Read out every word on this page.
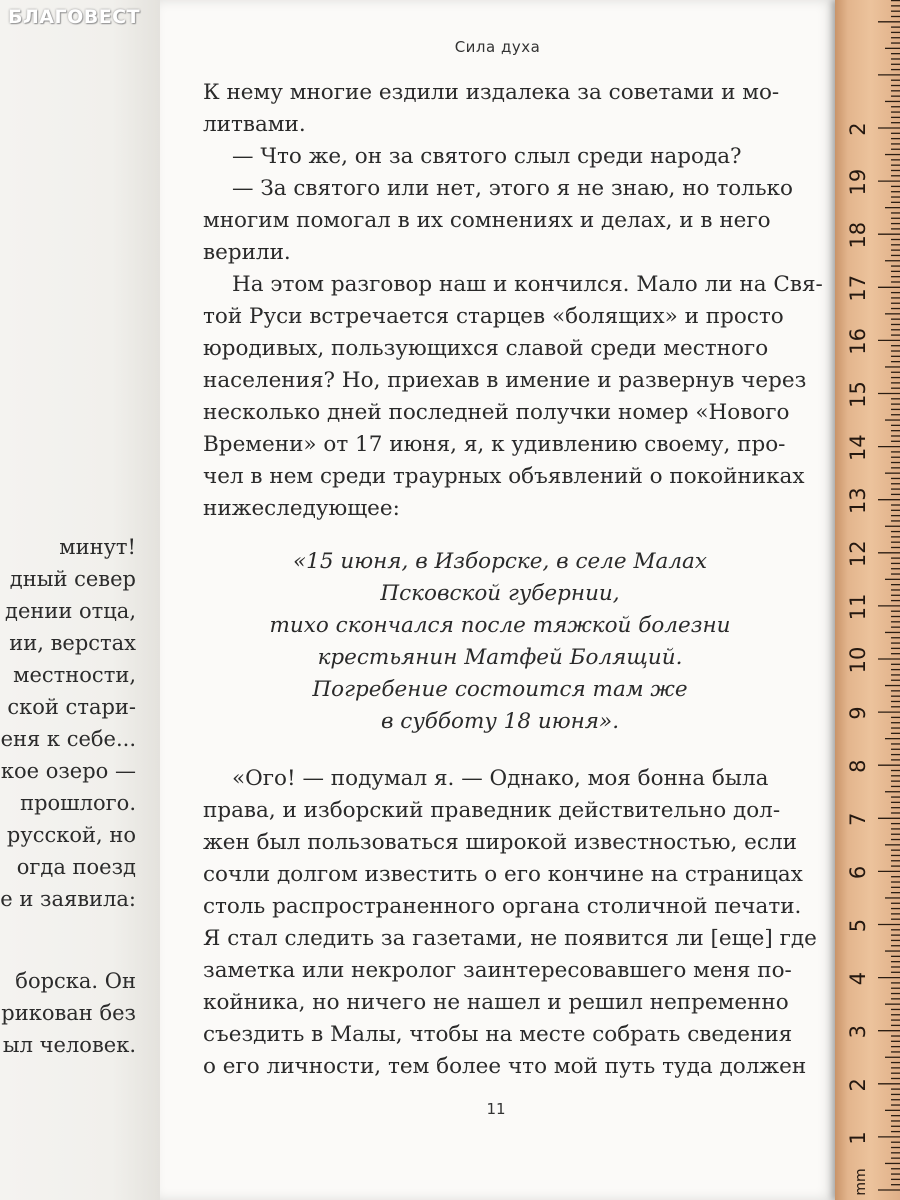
БЛАГОВЕСТ
минут!
дный север
дении отца,
ии, верстах
местности,
ской стари-
еня к себе...
кое озеро —
прошлого.
русской, но
огда поезд
е и заявила:
борска. Он
рикован без
ыл человек.
Сила духа
К нему многие ездили издалека за советами и мо-
литвами.
— Что же, он за святого слыл среди народа?
— За святого или нет, этого я не знаю, но только
многим помогал в их сомнениях и делах, и в него
верили.
На этом разговор наш и кончился. Мало ли на Свя-
той Руси встречается старцев «болящих» и просто
юродивых, пользующихся славой среди местного
населения? Но, приехав в имение и развернув через
несколько дней последней получки номер «Нового
Времени» от 17 июня, я, к удивлению своему, про-
чел в нем среди траурных объявлений о покойниках
нижеследующее:
«15 июня, в Изборске, в селе Малах
Псковской губернии,
тихо скончался после тяжкой болезни
крестьянин Матфей Болящий.
Погребение состоится там же
в субботу 18 июня».
«Ого! — подумал я. — Однако, моя бонна была
права, и изборский праведник действительно дол-
жен был пользоваться широкой известностью, если
сочли долгом известить о его кончине на страницах
столь распространенного органа столичной печати.
Я стал следить за газетами, не появится ли [еще] где
заметка или некролог заинтересовавшего меня по-
койника, но ничего не нашел и решил непременно
съездить в Малы, чтобы на месте собрать сведения
о его личности, тем более что мой путь туда должен
11
1
2
3
4
5
6
7
8
9
10
11
12
13
14
15
16
17
18
19
2
mm
